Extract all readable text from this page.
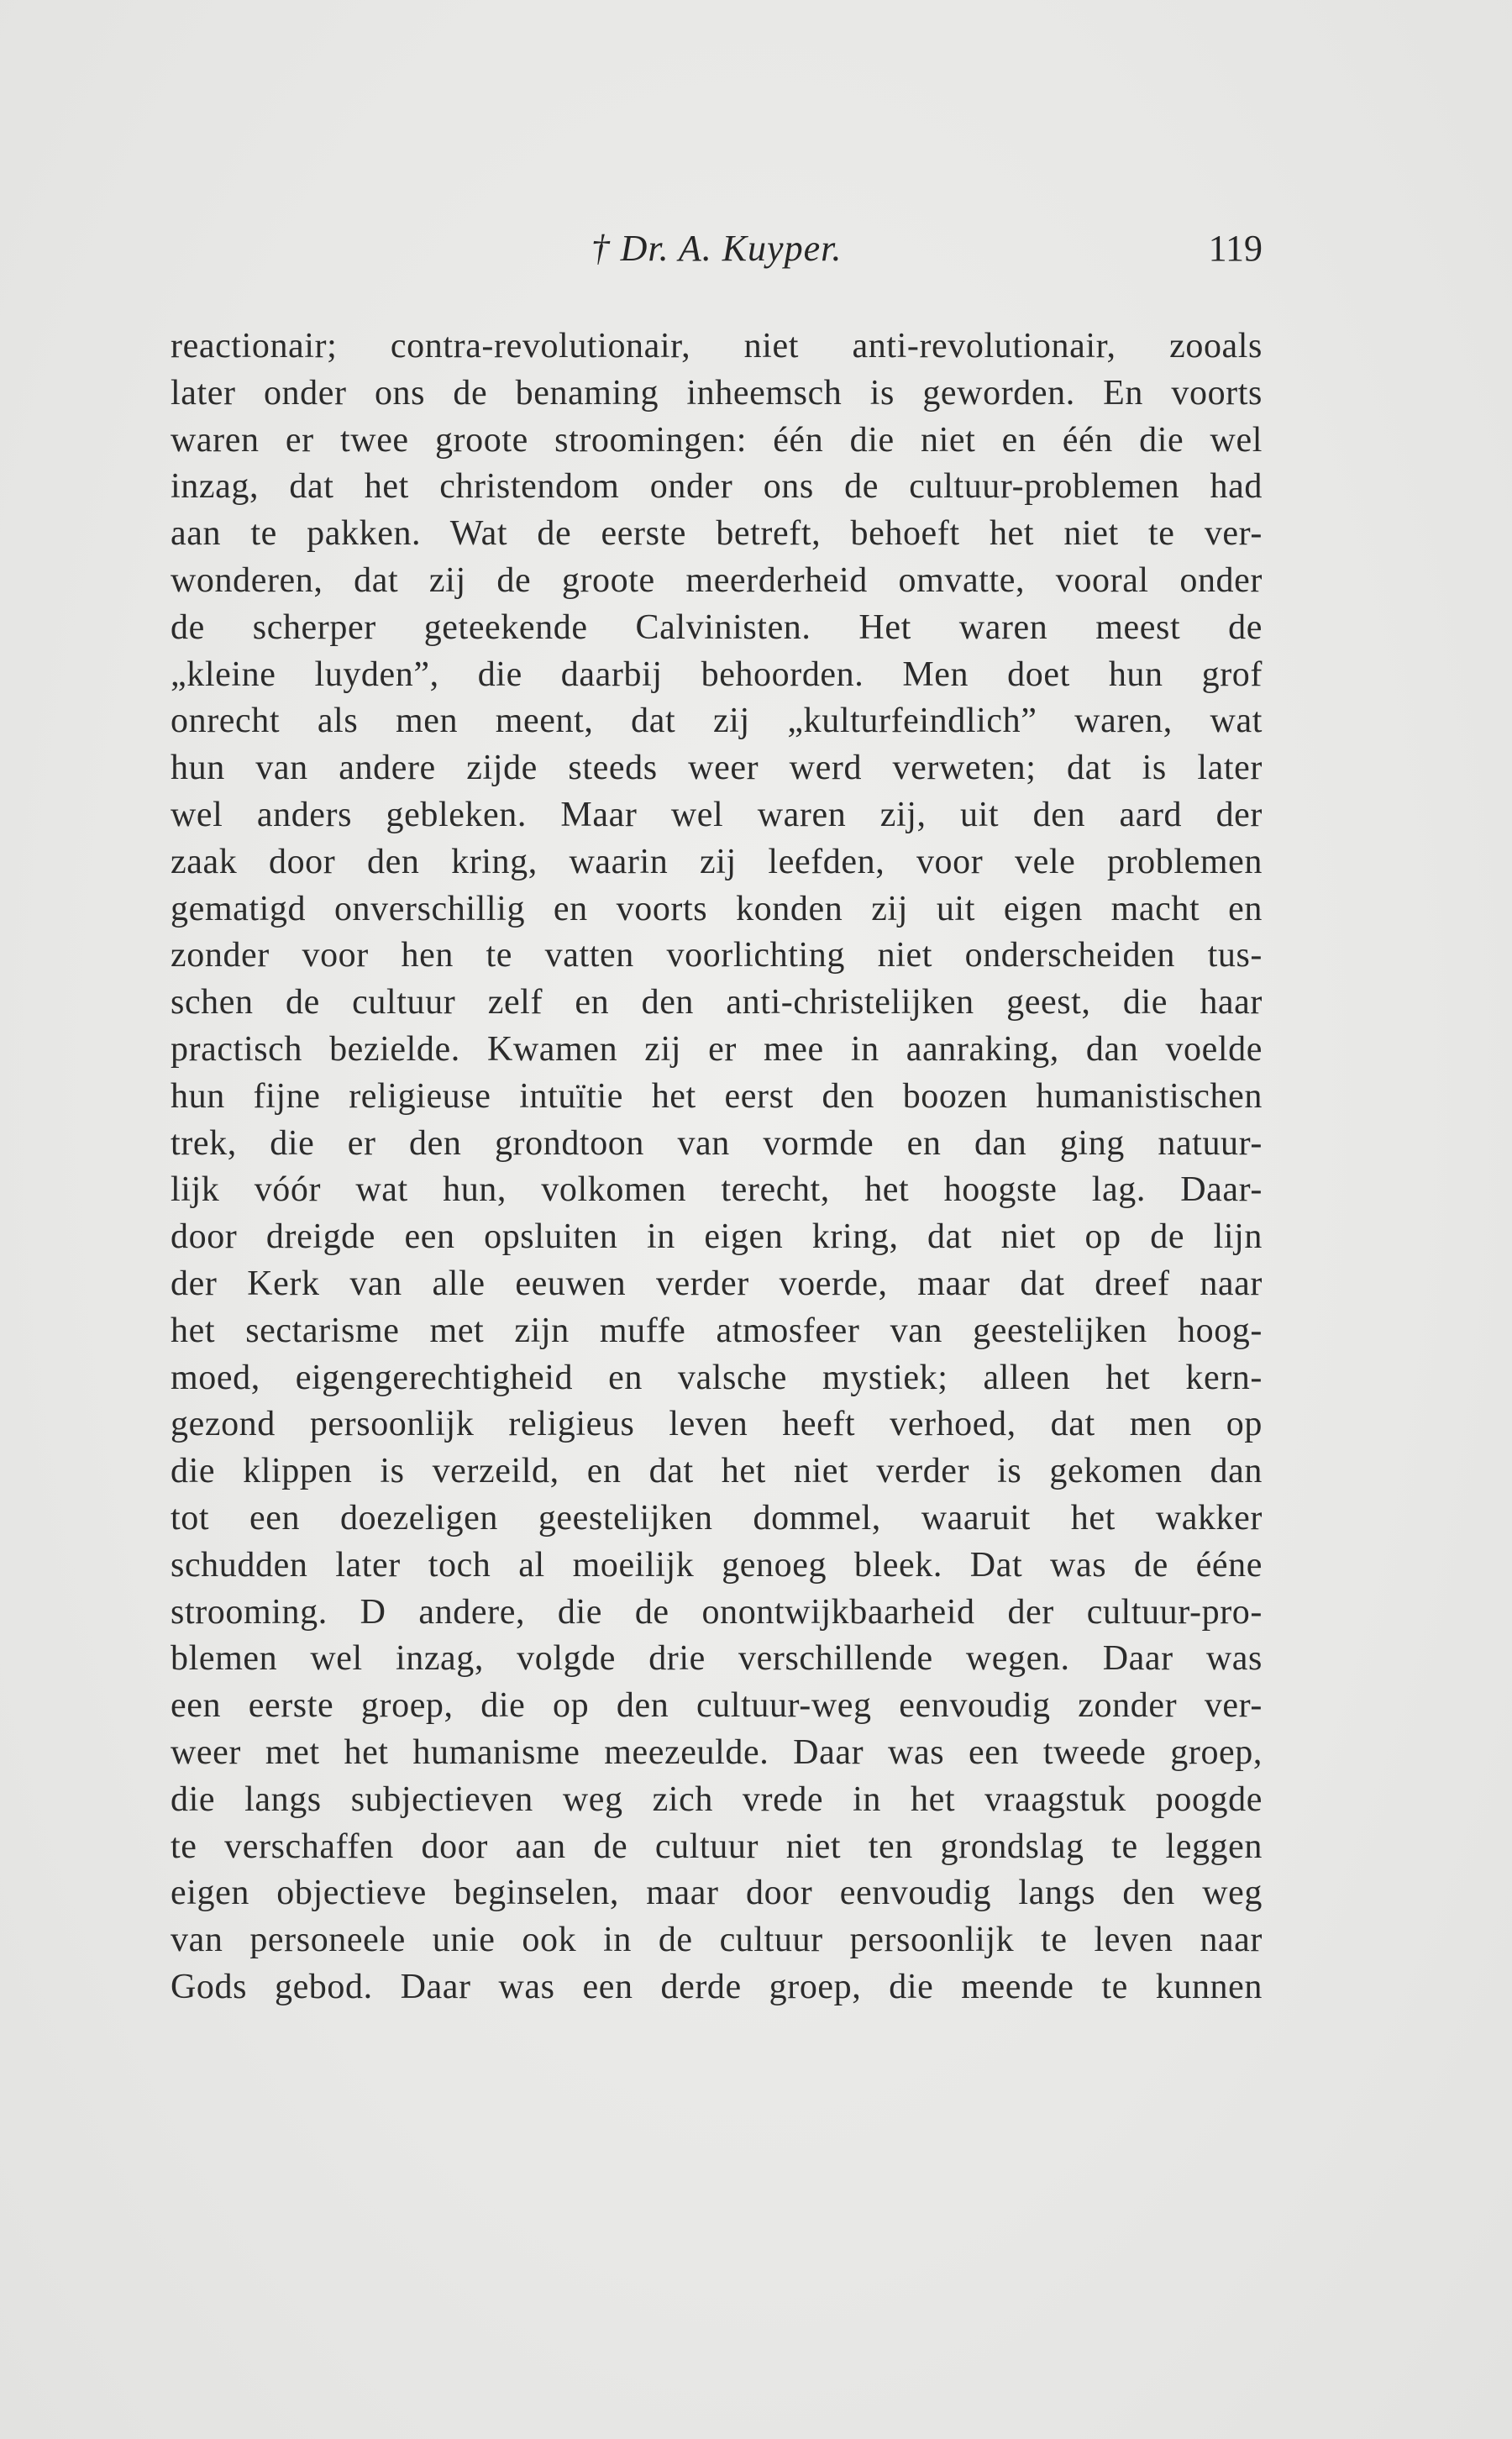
† Dr. A. Kuyper.	119
reactionair; contra-revolutionair, niet anti-revolutionair, zooals
later onder ons de benaming inheemsch is geworden. En voorts
waren er twee groote stroomingen: één die niet en één die wel
inzag, dat het christendom onder ons de cultuur-problemen had
aan te pakken. Wat de eerste betreft, behoeft het niet te ver-
wonderen, dat zij de groote meerderheid omvatte, vooral onder
de scherper geteekende Calvinisten. Het waren meest de
„kleine luyden”, die daarbij behoorden. Men doet hun grof
onrecht als men meent, dat zij „kulturfeindlich” waren, wat
hun van andere zijde steeds weer werd verweten; dat is later
wel anders gebleken. Maar wel waren zij, uit den aard der
zaak door den kring, waarin zij leefden, voor vele problemen
gematigd onverschillig en voorts konden zij uit eigen macht en
zonder voor hen te vatten voorlichting niet onderscheiden tus-
schen de cultuur zelf en den anti-christelijken geest, die haar
practisch bezielde. Kwamen zij er mee in aanraking, dan voelde
hun fijne religieuse intuïtie het eerst den boozen humanistischen
trek, die er den grondtoon van vormde en dan ging natuur-
lijk vóór wat hun, volkomen terecht, het hoogste lag. Daar-
door dreigde een opsluiten in eigen kring, dat niet op de lijn
der Kerk van alle eeuwen verder voerde, maar dat dreef naar
het sectarisme met zijn muffe atmosfeer van geestelijken hoog-
moed, eigengerechtigheid en valsche mystiek; alleen het kern-
gezond persoonlijk religieus leven heeft verhoed, dat men op
die klippen is verzeild, en dat het niet verder is gekomen dan
tot een doezeligen geestelijken dommel, waaruit het wakker
schudden later toch al moeilijk genoeg bleek. Dat was de ééne
strooming. D andere, die de onontwijkbaarheid der cultuur-pro-
blemen wel inzag, volgde drie verschillende wegen. Daar was
een eerste groep, die op den cultuur-weg eenvoudig zonder ver-
weer met het humanisme meezeulde. Daar was een tweede groep,
die langs subjectieven weg zich vrede in het vraagstuk poogde
te verschaffen door aan de cultuur niet ten grondslag te leggen
eigen objectieve beginselen, maar door eenvoudig langs den weg
van personeele unie ook in de cultuur persoonlijk te leven naar
Gods gebod. Daar was een derde groep, die meende te kunnen
